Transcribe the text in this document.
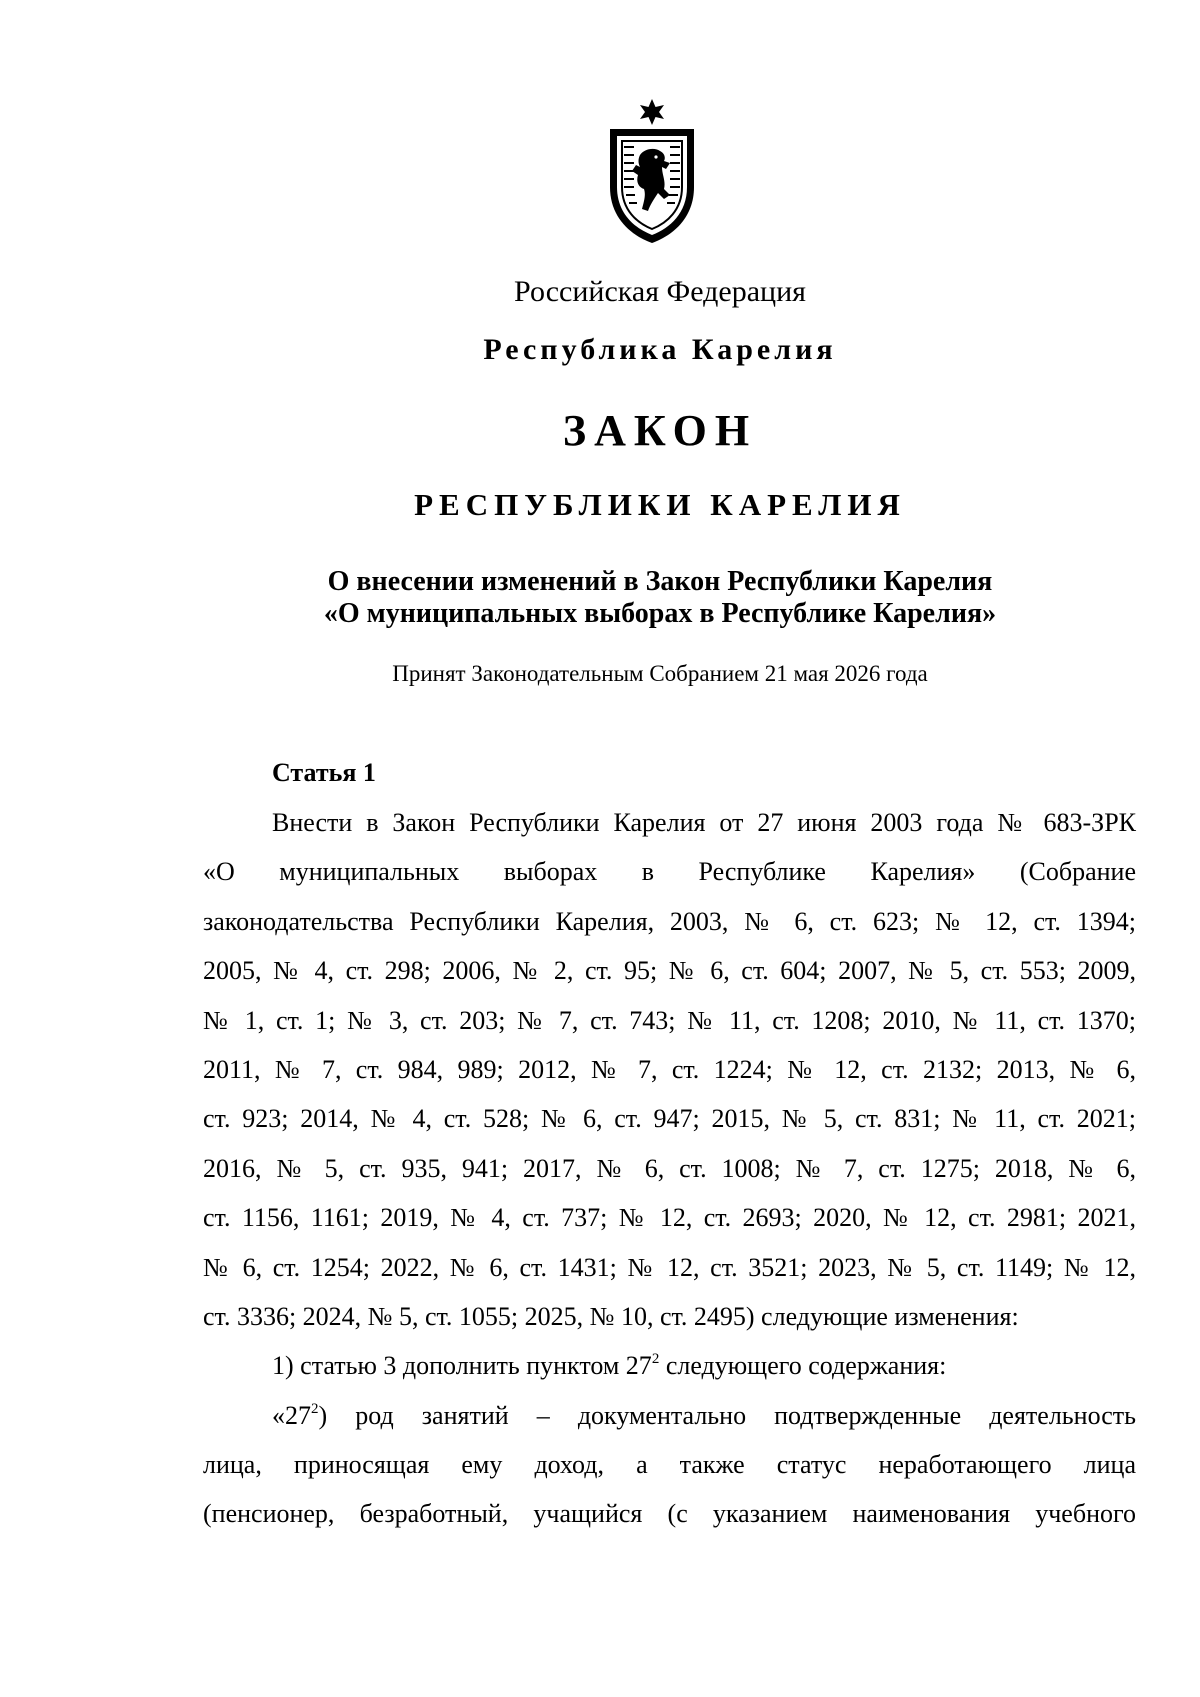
Российская Федерация
Республика Карелия
ЗАКОН
РЕСПУБЛИКИ КАРЕЛИЯ
О внесении изменений в Закон Республики Карелия
«О муниципальных выборах в Республике Карелия»
Принят Законодательным Собранием 21 мая 2026 года
Статья 1
Внести в Закон Республики Карелия от 27 июня 2003 года № 683-ЗРК
«О муниципальных выборах в Республике Карелия» (Собрание
законодательства Республики Карелия, 2003, № 6, ст. 623; № 12, ст. 1394;
2005, № 4, ст. 298; 2006, № 2, ст. 95; № 6, ст. 604; 2007, № 5, ст. 553; 2009,
№ 1, ст. 1; № 3, ст. 203; № 7, ст. 743; № 11, ст. 1208; 2010, № 11, ст. 1370;
2011, № 7, ст. 984, 989; 2012, № 7, ст. 1224; № 12, ст. 2132; 2013, № 6,
ст. 923; 2014, № 4, ст. 528; № 6, ст. 947; 2015, № 5, ст. 831; № 11, ст. 2021;
2016, № 5, ст. 935, 941; 2017, № 6, ст. 1008; № 7, ст. 1275; 2018, № 6,
ст. 1156, 1161; 2019, № 4, ст. 737; № 12, ст. 2693; 2020, № 12, ст. 2981; 2021,
№ 6, ст. 1254; 2022, № 6, ст. 1431; № 12, ст. 3521; 2023, № 5, ст. 1149; № 12,
ст. 3336; 2024, № 5, ст. 1055; 2025, № 10, ст. 2495) следующие изменения:
1) статью 3 дополнить пунктом $27^2$ следующего содержания:
«$27^2$) род занятий – документально подтвержденные деятельность
лица, приносящая ему доход, а также статус неработающего лица
(пенсионер, безработный, учащийся (с указанием наименования учебного
